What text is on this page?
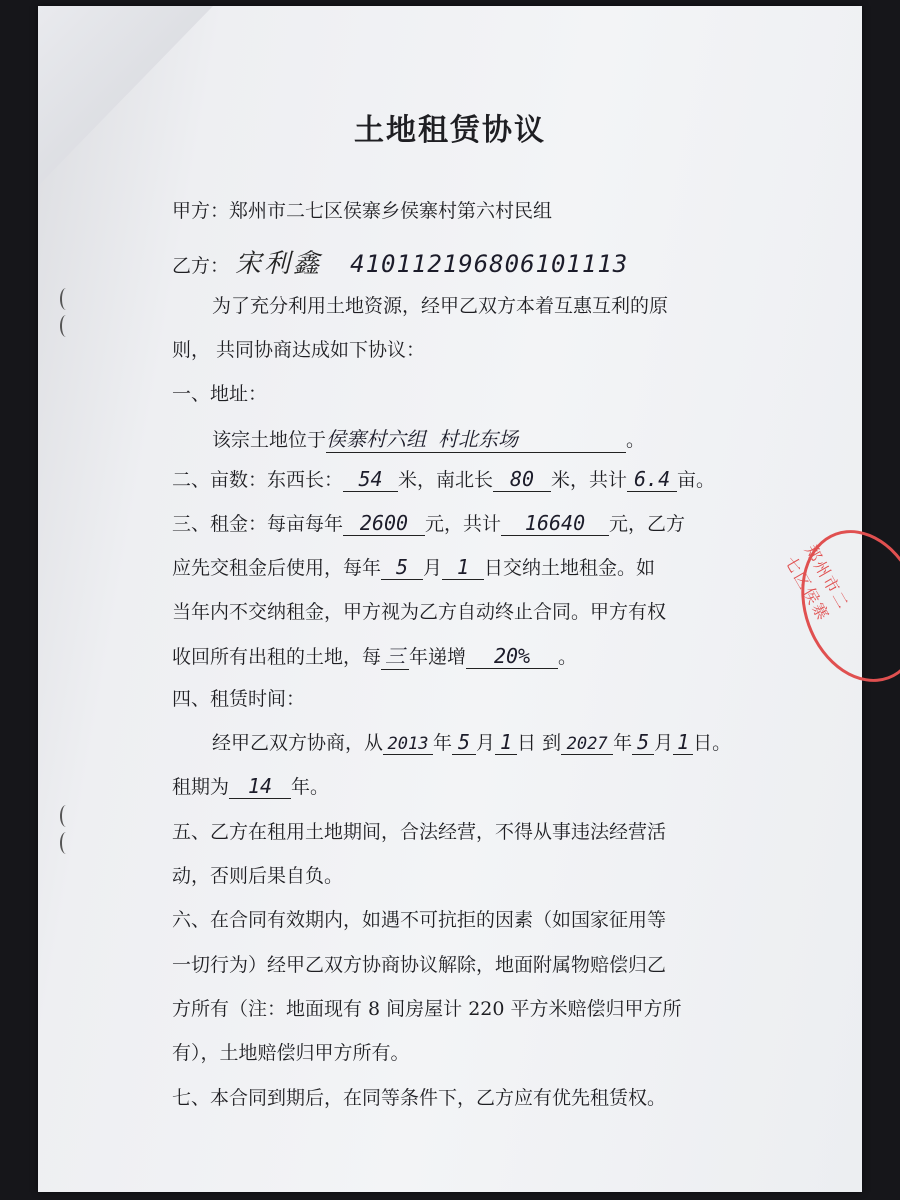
土地租赁协议
甲方：郑州市二七区侯寨乡侯寨村第六村民组
乙方： 宋利鑫 410112196806101113
为了充分利用土地资源，经甲乙双方本着互惠互利的原
则， 共同协商达成如下协议：
一、地址：
该宗土地位于侯寨村六组 村北东场	。
二、亩数：东西长： 54 米，南北长 80 米，共计 6.4 亩。
三、租金：每亩每年 2600 元，共计 16640 元，乙方
应先交租金后使用，每年 5 月 1 日交纳土地租金。如
当年内不交纳租金，甲方视为乙方自动终止合同。甲方有权
收回所有出租的土地，每 三 年递增 20% 。
四、租赁时间：
经甲乙双方协商，从 2013 年 5 月 1 日 到 2027 年 5 月 1 日。
租期为 14 年。
五、乙方在租用土地期间，合法经营，不得从事违法经营活
动，否则后果自负。
六、在合同有效期内，如遇不可抗拒的因素（如国家征用等
一切行为）经甲乙双方协商协议解除，地面附属物赔偿归乙
方所有（注：地面现有 8 间房屋计 220 平方米赔偿归甲方所
有），土地赔偿归甲方所有。
七、本合同到期后，在同等条件下，乙方应有优先租赁权。
郑州市二七区侯寨
